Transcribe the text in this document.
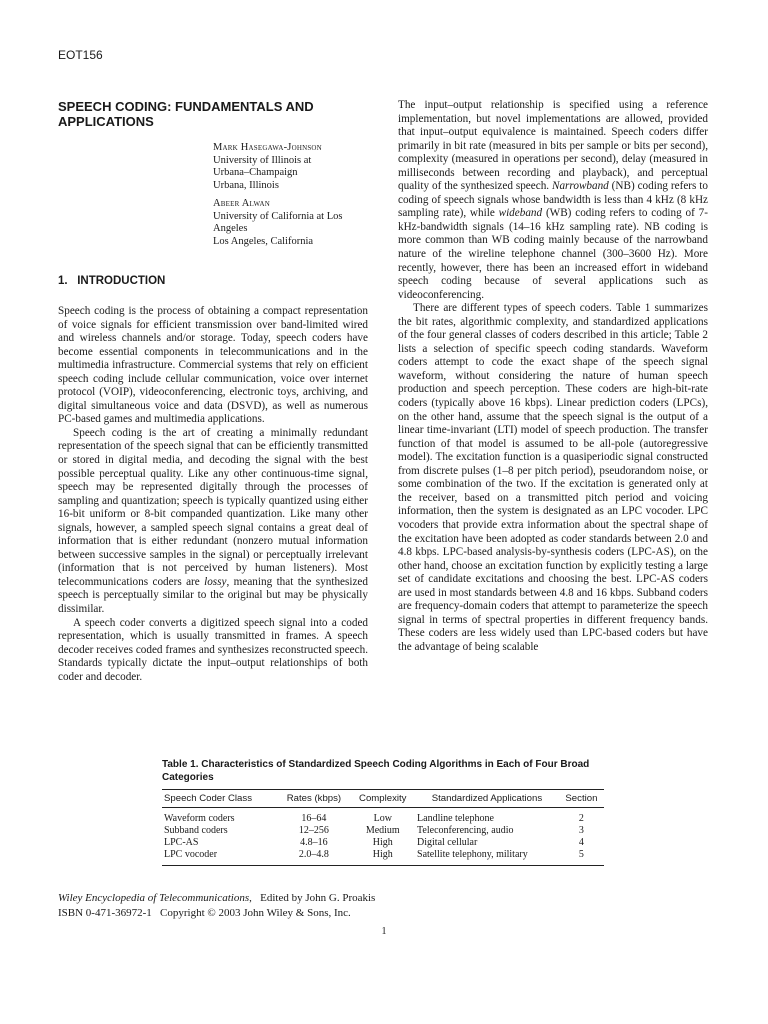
EOT156
SPEECH CODING: FUNDAMENTALS AND APPLICATIONS
Mark Hasegawa-Johnson
University of Illinois at
Urbana–Champaign
Urbana, Illinois
Abeer Alwan
University of California at Los
Angeles
Los Angeles, California
1. INTRODUCTION

Speech coding is the process of obtaining a compact representation of voice signals for efficient transmission over band-limited wired and wireless channels and/or storage. Today, speech coders have become essential components in telecommunications and in the multimedia infrastructure. Commercial systems that rely on efficient speech coding include cellular communication, voice over internet protocol (VOIP), videoconferencing, electronic toys, archiving, and digital simultaneous voice and data (DSVD), as well as numerous PC-based games and multimedia applications.

Speech coding is the art of creating a minimally redundant representation of the speech signal that can be efficiently transmitted or stored in digital media, and decoding the signal with the best possible perceptual quality. Like any other continuous-time signal, speech may be represented digitally through the processes of sampling and quantization; speech is typically quantized using either 16-bit uniform or 8-bit companded quantization. Like many other signals, however, a sampled speech signal contains a great deal of information that is either redundant (nonzero mutual information between successive samples in the signal) or perceptually irrelevant (information that is not perceived by human listeners). Most telecommunications coders are lossy, meaning that the synthesized speech is perceptually similar to the original but may be physically dissimilar.

A speech coder converts a digitized speech signal into a coded representation, which is usually transmitted in frames. A speech decoder receives coded frames and synthesizes reconstructed speech. Standards typically dictate the input–output relationships of both coder and decoder.

The input–output relationship is specified using a reference implementation, but novel implementations are allowed, provided that input–output equivalence is maintained. Speech coders differ primarily in bit rate (measured in bits per sample or bits per second), complexity (measured in operations per second), delay (measured in milliseconds between recording and playback), and perceptual quality of the synthesized speech. Narrowband (NB) coding refers to coding of speech signals whose bandwidth is less than 4 kHz (8 kHz sampling rate), while wideband (WB) coding refers to coding of 7-kHz-bandwidth signals (14–16 kHz sampling rate). NB coding is more common than WB coding mainly because of the narrowband nature of the wireline telephone channel (300–3600 Hz). More recently, however, there has been an increased effort in wideband speech coding because of several applications such as videoconferencing.

There are different types of speech coders. Table 1 summarizes the bit rates, algorithmic complexity, and standardized applications of the four general classes of coders described in this article; Table 2 lists a selection of specific speech coding standards. Waveform coders attempt to code the exact shape of the speech signal waveform, without considering the nature of human speech production and speech perception. These coders are high-bit-rate coders (typically above 16 kbps). Linear prediction coders (LPCs), on the other hand, assume that the speech signal is the output of a linear time-invariant (LTI) model of speech production. The transfer function of that model is assumed to be all-pole (autoregressive model). The excitation function is a quasiperiodic signal constructed from discrete pulses (1–8 per pitch period), pseudorandom noise, or some combination of the two. If the excitation is generated only at the receiver, based on a transmitted pitch period and voicing information, then the system is designated as an LPC vocoder. LPC vocoders that provide extra information about the spectral shape of the excitation have been adopted as coder standards between 2.0 and 4.8 kbps. LPC-based analysis-by-synthesis coders (LPC-AS), on the other hand, choose an excitation function by explicitly testing a large set of candidate excitations and choosing the best. LPC-AS coders are used in most standards between 4.8 and 16 kbps. Subband coders are frequency-domain coders that attempt to parameterize the speech signal in terms of spectral properties in different frequency bands. These coders are less widely used than LPC-based coders but have the advantage of being scalable

Table 1. Characteristics of Standardized Speech Coding Algorithms in Each of Four Broad Categories
Speech Coder Class	Rates (kbps)	Complexity	Standardized Applications	Section
Waveform coders	16–64	Low	Landline telephone	2
Subband coders	12–256	Medium	Teleconferencing, audio	3
LPC-AS	4.8–16	High	Digital cellular	4
LPC vocoder	2.0–4.8	High	Satellite telephony, military	5
Wiley Encyclopedia of Telecommunications,   Edited by John G. Proakis
ISBN 0-471-36972-1   Copyright © 2003 John Wiley & Sons, Inc.
1
